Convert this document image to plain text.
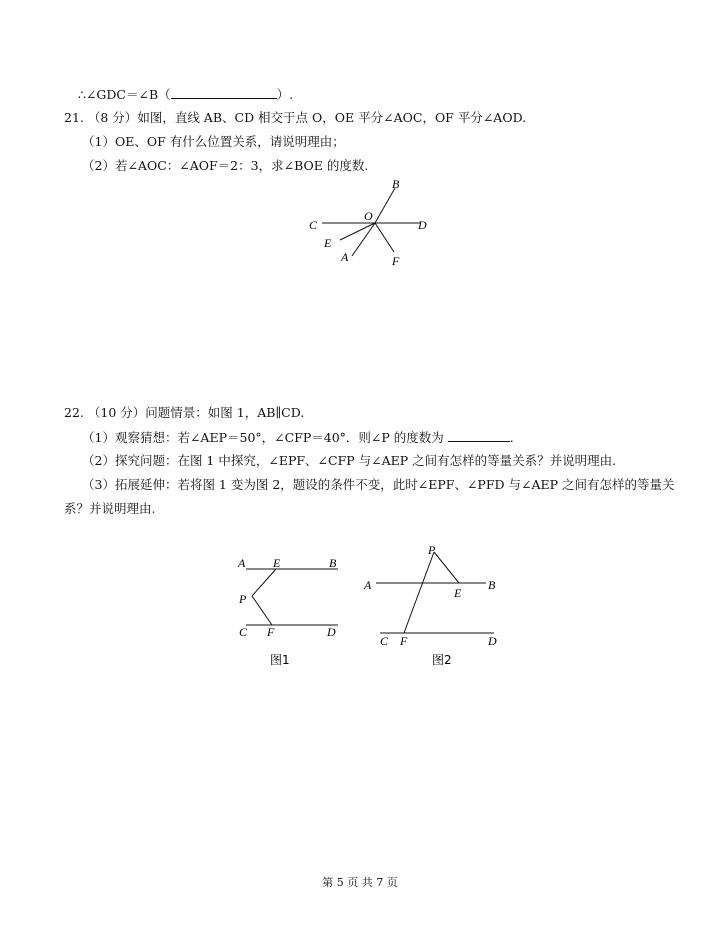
∴∠GDC＝∠B（	）.
21. （8 分）如图，直线 AB、CD 相交于点 O，OE 平分∠AOC，OF 平分∠AOD.
（1）OE、OF 有什么位置关系，请说明理由；
（2）若∠AOC：∠AOF＝2：3，求∠BOE 的度数.
B
C
O
D
E
A	F
22. （10 分）问题情景：如图 1，AB∥CD.
（1）观察猜想：若∠AEP＝50°，∠CFP＝40°．则∠P 的度数为	.
（2）探究问题：在图 1 中探究，∠EPF、∠CFP 与∠AEP 之间有怎样的等量关系？并说明理由.
（3）拓展延伸：若将图 1 变为图 2，题设的条件不变，此时∠EPF、∠PFD 与∠AEP 之间有怎样的等量关
系？并说明理由.
A E	B
P
C F	D
图1
P
A
E
B
C F	D
图2
第 5 页 共 7 页
